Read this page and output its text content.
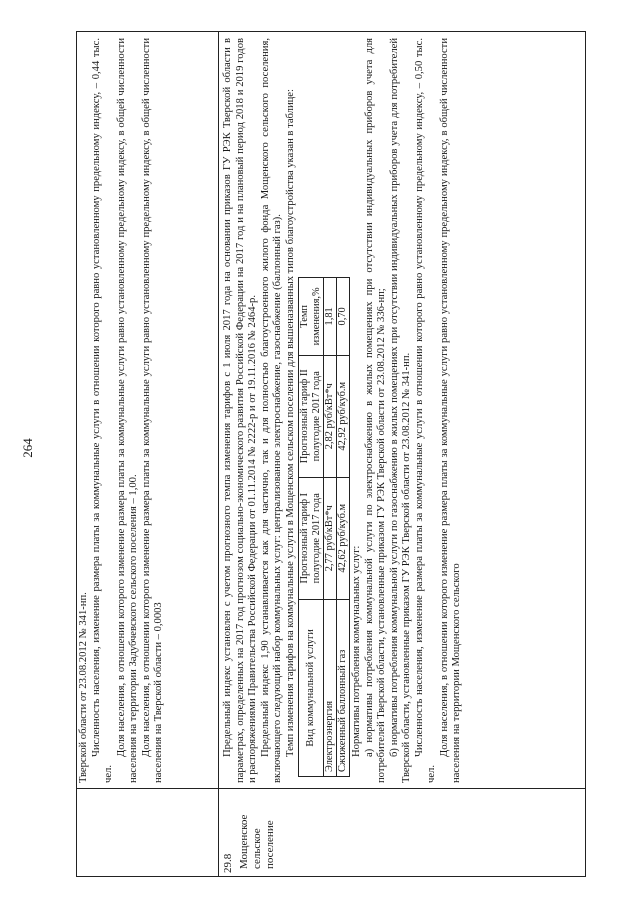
264

Тверской области от 23.08.2012 № 341-нп. Численность населения, изменение размера платы за коммунальные услуги в отношении которого равно установленному предельному индексу, – 0,44 тыс. чел.

Доля населения, в отношении которого изменение размера платы за коммунальные услуги равно установленному предельному индексу, в общей численности населения на территории Задубчевского сельского поселения – 1,00. Доля населения, в отношении которого изменение размера платы за коммунальные услуги равно установленному предельному индексу, в общей численности населения на Тверской области – 0,0003

29.8 Мощенское сельское поселение

Предельный индекс установлен с учетом прогнозного темпа изменения тарифов с 1 июля 2017 года на основании приказов ГУ РЭК Тверской области в параметрах, определенных на 2017 год прогнозом социально-экономического развития Российской Федерации на 2017 год и на плановый период 2018 и 2019 годов и распоряжениями Правительства Российской Федерации от 01.11.2014 № 2222-р и от 19.11.2016 № 2464-р. Предельный индекс 1,90 устанавливается как для частично, так и для полностью благоустроенного жилого фонда Мощенского сельского поселения, включающего следующий набор коммунальных услуг: централизованное электроснабжение, газоснабжение (баллонный газ). Темп изменения тарифов на коммунальные услуги в Мощенском сельском поселении для вышеназванных типов благоустройства указан в таблице: Вид коммунальной услуги	Прогнозный тариф I полугодие 2017 года	Прогнозный тариф II полугодие 2017 года	Темп изменения,%
Электроэнергия	2,77 руб/кВт*ч	2,82 руб/кВт*ч	1,81
Сжиженный баллонный газ	42,62 руб/куб.м	42,92 руб/куб.м	0,70

Нормативы потребления коммунальных услуг: а) нормативы потребления коммунальной услуги по электроснабжению в жилых помещениях при отсутствии индивидуальных приборов учета для потребителей Тверской области, установленные приказом ГУ РЭК Тверской области от 23.08.2012 № 336-нп; б) нормативы потребления коммунальной услуги по газоснабжению в жилых помещениях при отсутствии индивидуальных приборов учета для потребителей Тверской области, установленные приказом ГУ РЭК Тверской области от 23.08.2012 № 341-нп. Численность населения, изменение размера платы за коммунальные услуги в отношении которого равно установленному предельному индексу, – 0,50 тыс. чел.

Доля населения, в отношении которого изменение размера платы за коммунальные услуги равно установленному предельному индексу, в общей численности населения на территории Мощенского сельского
